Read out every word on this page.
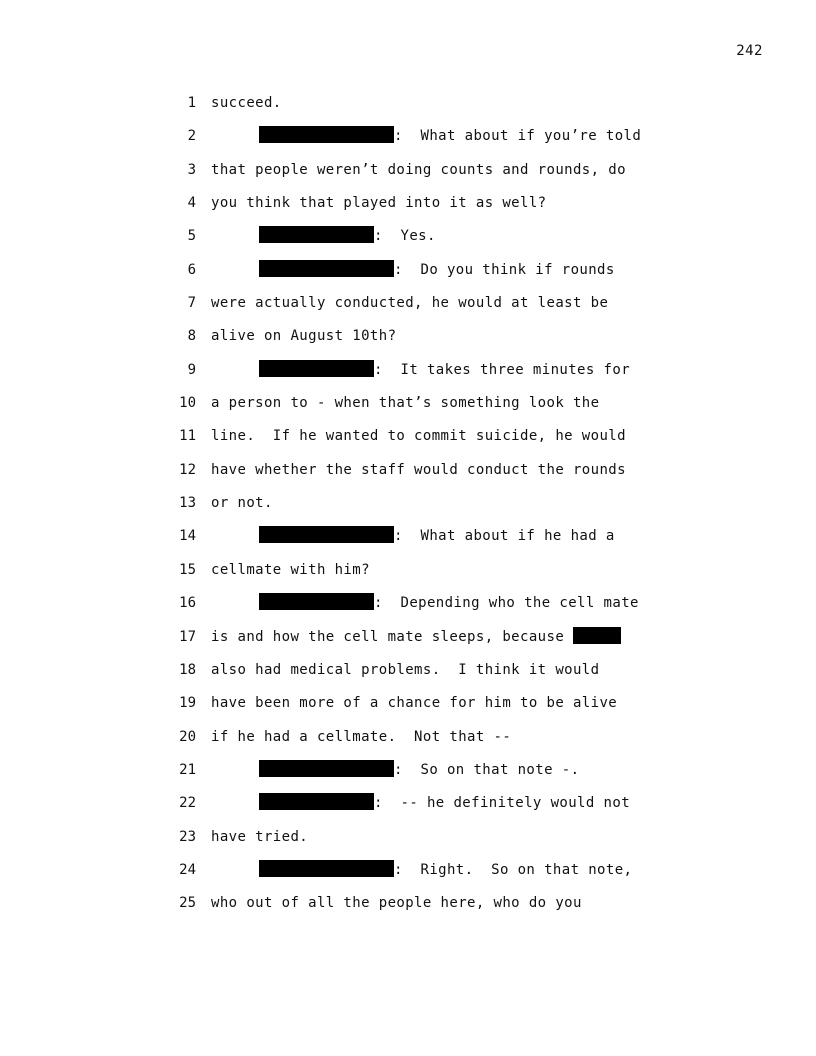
242

1

succeed.

2

	:  What about if you’re told

3

that people weren’t doing counts and rounds, do

4

you think that played into it as well?

5

	:  Yes.

6

	:  Do you think if rounds

7

were actually conducted, he would at least be

8

alive on August 10th?

9

	:  It takes three minutes for

10

a person to - when that’s something look the

11

line.  If he wanted to commit suicide, he would

12

have whether the staff would conduct the rounds

13

or not.

14

	:  What about if he had a

15

cellmate with him?

16

	:  Depending who the cell mate

17

is and how the cell mate sleeps, because

18

also had medical problems.  I think it would

19

have been more of a chance for him to be alive

20

if he had a cellmate.  Not that --

21

	:  So on that note -.

22

	:  -- he definitely would not

23

have tried.

24

	:  Right.  So on that note,

25

who out of all the people here, who do you
